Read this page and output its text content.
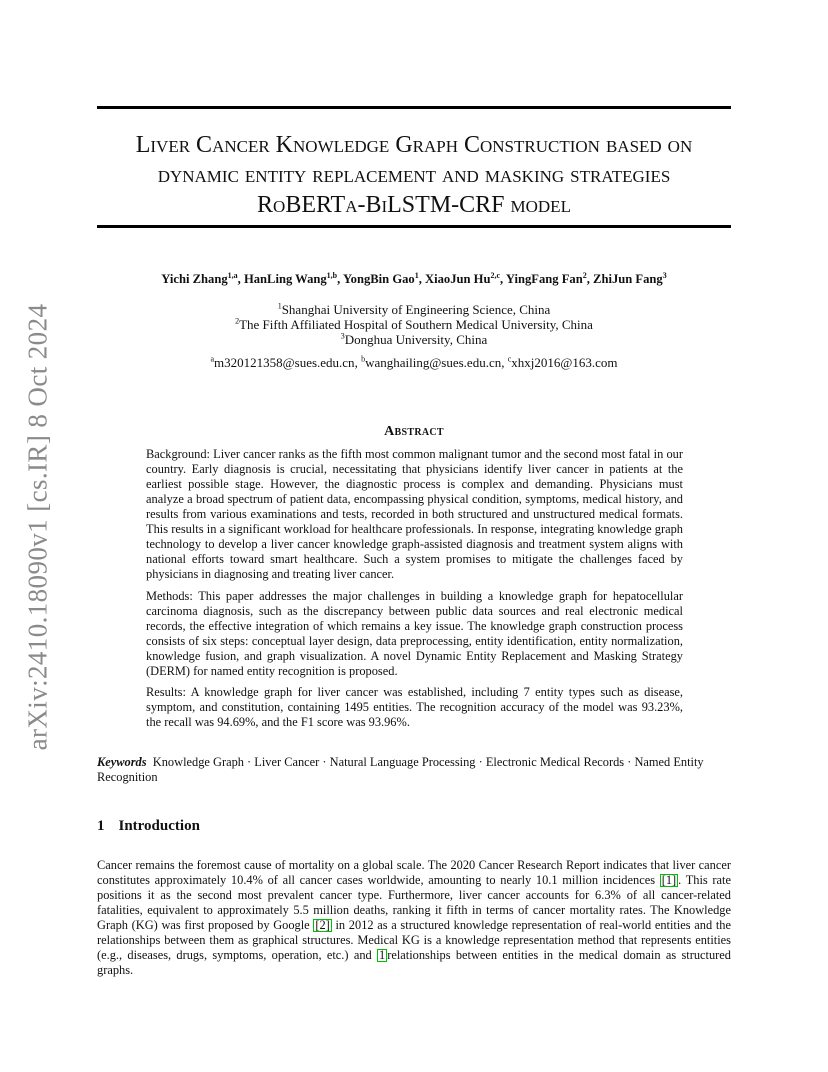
arXiv:2410.18090v1 [cs.IR] 8 Oct 2024
Liver Cancer Knowledge Graph Construction based on
dynamic entity replacement and masking strategies
RoBERTa-BiLSTM-CRF model
Yichi Zhang$^{1,a}$, HanLing Wang$^{1,b}$, YongBin Gao$^1$, XiaoJun Hu$^{2,c}$, YingFang Fan$^2$, ZhiJun Fang$^3$
$^1$Shanghai University of Engineering Science, China
$^2$The Fifth Affiliated Hospital of Southern Medical University, China
$^3$Donghua University, China
$^a$m320121358@sues.edu.cn, $^b$wanghailing@sues.edu.cn, $^c$xhxj2016@163.com
Abstract

Background: Liver cancer ranks as the fifth most common malignant tumor and the second most fatal in our country. Early diagnosis is crucial, necessitating that physicians identify liver cancer in patients at the earliest possible stage. However, the diagnostic process is complex and demanding. Physicians must analyze a broad spectrum of patient data, encompassing physical condition, symptoms, medical history, and results from various examinations and tests, recorded in both structured and unstructured medical formats. This results in a significant workload for healthcare professionals. In response, integrating knowledge graph technology to develop a liver cancer knowledge graph-assisted diagnosis and treatment system aligns with national efforts toward smart healthcare. Such a system promises to mitigate the challenges faced by physicians in diagnosing and treating liver cancer.

Methods: This paper addresses the major challenges in building a knowledge graph for hepatocellular carcinoma diagnosis, such as the discrepancy between public data sources and real electronic medical records, the effective integration of which remains a key issue. The knowledge graph construction process consists of six steps: conceptual layer design, data preprocessing, entity identification, entity normalization, knowledge fusion, and graph visualization. A novel Dynamic Entity Replacement and Masking Strategy (DERM) for named entity recognition is proposed.

Results: A knowledge graph for liver cancer was established, including 7 entity types such as disease, symptom, and constitution, containing 1495 entities. The recognition accuracy of the model was 93.23%, the recall was 94.69%, and the F1 score was 93.96%.

Keywords Knowledge Graph · Liver Cancer · Natural Language Processing · Electronic Medical Records · Named Entity Recognition
1 Introduction

Cancer remains the foremost cause of mortality on a global scale. The 2020 Cancer Research Report indicates that liver cancer constitutes approximately 10.4% of all cancer cases worldwide, amounting to nearly 10.1 million incidences [1] . This rate positions it as the second most prevalent cancer type. Furthermore, liver cancer accounts for 6.3% of all cancer-related fatalities, equivalent to approximately 5.5 million deaths, ranking it fifth in terms of cancer mortality rates. The Knowledge Graph (KG) was first proposed by Google [2] in 2012 as a structured knowledge representation of real-world entities and the relationships between them as graphical structures. Medical KG is a knowledge representation method that represents entities (e.g., diseases, drugs, symptoms, operation, etc.) and 1 relationships between entities in the medical domain as structured graphs.
